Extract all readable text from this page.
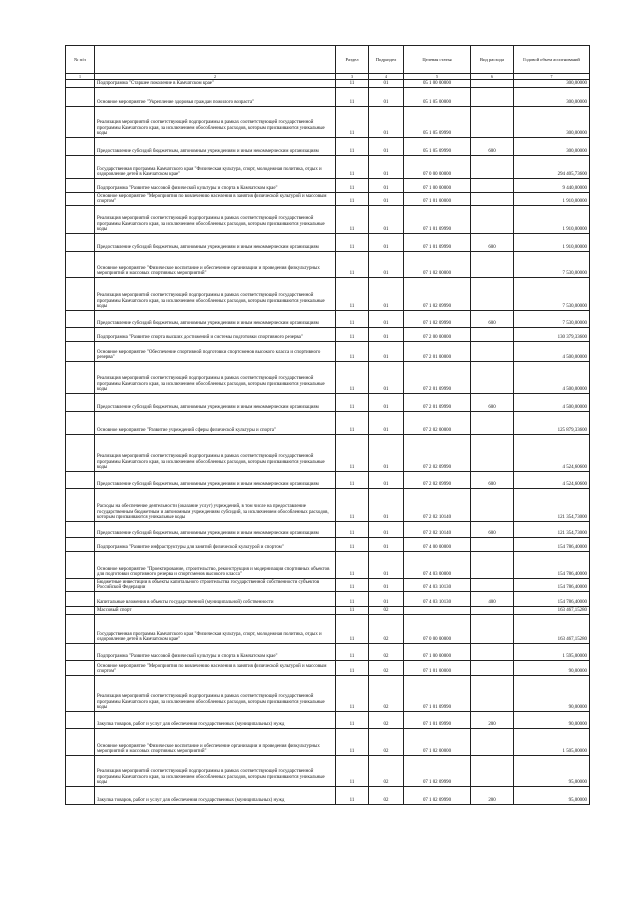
№ п/п		Раздел	Подраздел	Целевая статья	Вид расхода	Годовой объем ассигнований
1	2	3	4	5	6	7
	Подпрограмма "Старшее поколение в Камчатском крае"	11	01	05 1 00 00000		300,00000
	Основное мероприятие "Укрепление здоровья граждан пожилого возраста"	11	01	05 1 05 00000		300,00000
	Реализация мероприятий соответствующей подпрограммы в рамках соответствующей государственной программы Камчатского края, за исключением обособленных расходов, которым присваиваются уникальные коды	11	01	05 1 05 09990		300,00000
	Предоставление субсидий бюджетным, автономным учреждениям и иным некоммерческим организациям	11	01	05 1 05 09990	600	300,00000
	Государственная программа Камчатского края "Физическая культура, спорт, молодежная политика, отдых и оздоровление детей в Камчатском крае"	11	01	07 0 00 00000		294 405,73600
	Подпрограмма "Развитие массовой физической культуры и спорта в Камчатском крае"	11	01	07 1 00 00000		9 440,00000
	Основное мероприятие "Мероприятия по вовлечению населения в занятия физической культурой и массовым спортом"	11	01	07 1 01 00000		1 910,00000
	Реализация мероприятий соответствующей подпрограммы в рамках соответствующей государственной программы Камчатского края, за исключением обособленных расходов, которым присваиваются уникальные коды	11	01	07 1 01 09990		1 910,00000
	Предоставление субсидий бюджетным, автономным учреждениям и иным некоммерческим организациям	11	01	07 1 01 09990	600	1 910,00000
	Основное мероприятие "Физическое воспитание и обеспечение организации и проведения физкультурных мероприятий и массовых спортивных мероприятий"	11	01	07 1 02 00000		7 530,00000
	Реализация мероприятий соответствующей подпрограммы в рамках соответствующей государственной программы Камчатского края, за исключением обособленных расходов, которым присваиваются уникальные коды	11	01	07 1 02 09990		7 530,00000
	Предоставление субсидий бюджетным, автономным учреждениям и иным некоммерческим организациям	11	01	07 1 02 09990	600	7 530,00000
	Подпрограмма "Развитие спорта высших достижений и системы подготовки спортивного резерва"	11	01	07 2 00 00000		130 379,33600
	Основное мероприятие "Обеспечение спортивной подготовки спортсменов высокого класса и спортивного резерва"	11	01	07 2 01 00000		4 500,00000
	Реализация мероприятий соответствующей подпрограммы в рамках соответствующей государственной программы Камчатского края, за исключением обособленных расходов, которым присваиваются уникальные коды	11	01	07 2 01 09990		4 500,00000
	Предоставление субсидий бюджетным, автономным учреждениям и иным некоммерческим организациям	11	01	07 2 01 09990	600	4 500,00000
	Основное мероприятие "Развитие учреждений сферы физической культуры и спорта"	11	01	07 2 02 00000		125 879,33600
	Реализация мероприятий соответствующей подпрограммы в рамках соответствующей государственной программы Камчатского края, за исключением обособленных расходов, которым присваиваются уникальные коды	11	01	07 2 02 09990		4 524,60600
	Предоставление субсидий бюджетным, автономным учреждениям и иным некоммерческим организациям	11	01	07 2 02 09990	600	4 524,60600
	Расходы на обеспечение деятельности (оказание услуг) учреждений, в том числе на предоставление государственным бюджетным и автономным учреждениям субсидий, за исключением обособленных расходов, которым присваиваются уникальные коды	11	01	07 2 02 10140		121 354,73000
	Предоставление субсидий бюджетным, автономным учреждениям и иным некоммерческим организациям	11	01	07 2 02 10140	600	121 354,73000
	Подпрограмма "Развитие инфраструктуры для занятий физической культурой и спортом"	11	01	07 4 00 00000		154 786,40000
	Основное мероприятие "Проектирование, строительство, реконструкция и модернизация спортивных объектов для подготовки спортивного резерва и спортсменов высокого класса"	11	01	07 4 03 00000		154 786,40000
	Бюджетные инвестиции в объекты капитального строительства государственной собственности субъектов Российской Федерации	11	01	07 4 03 10130		154 786,40000
	Капитальные вложения в объекты государственной (муниципальной) собственности	11	01	07 4 03 10130	400	154 786,40000
	Массовый спорт	11	02			163 467,15280
	Государственная программа Камчатского края "Физическая культура, спорт, молодежная политика, отдых и оздоровление детей в Камчатском крае"	11	02	07 0 00 00000		163 467,15280
	Подпрограмма "Развитие массовой физической культуры и спорта в Камчатском крае"	11	02	07 1 00 00000		1 595,00000
	Основное мероприятие "Мероприятия по вовлечению населения в занятия физической культурой и массовым спортом"	11	02	07 1 01 00000		90,00000
	Реализация мероприятий соответствующей подпрограммы в рамках соответствующей государственной программы Камчатского края, за исключением обособленных расходов, которым присваиваются уникальные коды	11	02	07 1 01 09990		90,00000
	Закупка товаров, работ и услуг для обеспечения государственных (муниципальных) нужд	11	02	07 1 01 09990	200	90,00000
	Основное мероприятие "Физическое воспитание и обеспечение организации и проведения физкультурных мероприятий и массовых спортивных мероприятий"	11	02	07 1 02 00000		1 505,00000
	Реализация мероприятий соответствующей подпрограммы в рамках соответствующей государственной программы Камчатского края, за исключением обособленных расходов, которым присваиваются уникальные коды	11	02	07 1 02 09990		95,00000
	Закупка товаров, работ и услуг для обеспечения государственных (муниципальных) нужд	11	02	07 1 02 09990	200	95,00000
